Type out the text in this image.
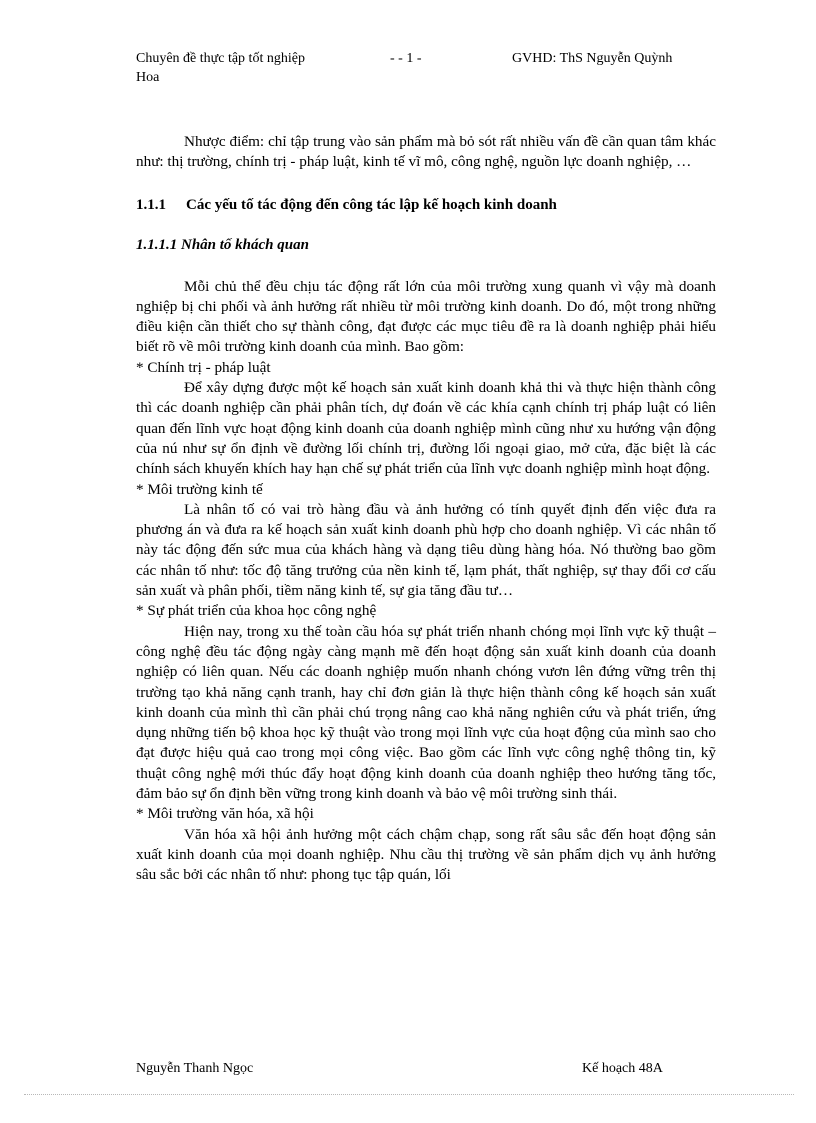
Chuyên đề thực tập tốt nghiệp	- - 1 -	GVHD: ThS Nguyễn Quỳnh
Hoa

Nhược điểm: chỉ tập trung vào sản phẩm mà bỏ sót rất nhiều vấn đề cần quan tâm khác như: thị trường, chính trị - pháp luật, kinh tế vĩ mô, công nghệ, nguồn lực doanh nghiệp, …

1.1.1 Các yếu tố tác động đến công tác lập kế hoạch kinh doanh
1.1.1.1 Nhân tố khách quan

Mỗi chủ thể đều chịu tác động rất lớn của môi trường xung quanh vì vậy mà doanh nghiệp bị chi phối và ảnh hưởng rất nhiều từ môi trường kinh doanh. Do đó, một trong những điều kiện cần thiết cho sự thành công, đạt được các mục tiêu đề ra là doanh nghiệp phải hiểu biết rõ về môi trường kinh doanh của mình. Bao gồm:

* Chính trị - pháp luật

Để xây dựng được một kế hoạch sản xuất kinh doanh khả thi và thực hiện thành công thì các doanh nghiệp cần phải phân tích, dự đoán về các khía cạnh chính trị pháp luật có liên quan đến lĩnh vực hoạt động kinh doanh của doanh nghiệp mình cũng như xu hướng vận động của nú như sự ổn định về đường lối chính trị, đường lối ngoại giao, mở cửa, đặc biệt là các chính sách khuyến khích hay hạn chế sự phát triển của lĩnh vực doanh nghiệp mình hoạt động.

* Môi trường kinh tế

Là nhân tố có vai trò hàng đầu và ảnh hưởng có tính quyết định đến việc đưa ra phương án và đưa ra kế hoạch sản xuất kinh doanh phù hợp cho doanh nghiệp. Vì các nhân tố này tác động đến sức mua của khách hàng và dạng tiêu dùng hàng hóa. Nó thường bao gồm các nhân tố như: tốc độ tăng trưởng của nền kinh tế, lạm phát, thất nghiệp, sự thay đổi cơ cấu sản xuất và phân phối, tiềm năng kinh tế, sự gia tăng đầu tư…

* Sự phát triển của khoa học công nghệ

Hiện nay, trong xu thế toàn cầu hóa sự phát triển nhanh chóng mọi lĩnh vực kỹ thuật – công nghệ đều tác động ngày càng mạnh mẽ đến hoạt động sản xuất kinh doanh của doanh nghiệp có liên quan. Nếu các doanh nghiệp muốn nhanh chóng vươn lên đứng vững trên thị trường tạo khả năng cạnh tranh, hay chỉ đơn giản là thực hiện thành công kế hoạch sản xuất kinh doanh của mình thì cần phải chú trọng nâng cao khả năng nghiên cứu và phát triển, ứng dụng những tiến bộ khoa học kỹ thuật vào trong mọi lĩnh vực của hoạt động của mình sao cho đạt được hiệu quả cao trong mọi công việc. Bao gồm các lĩnh vực công nghệ thông tin, kỹ thuật công nghệ mới thúc đẩy hoạt động kinh doanh của doanh nghiệp theo hướng tăng tốc, đảm bảo sự ổn định bền vững trong kinh doanh và bảo vệ môi trường sinh thái.

* Môi trường văn hóa, xã hội

Văn hóa xã hội ảnh hưởng một cách chậm chạp, song rất sâu sắc đến hoạt động sản xuất kinh doanh của mọi doanh nghiệp. Nhu cầu thị trường về sản phẩm dịch vụ ảnh hưởng sâu sắc bởi các nhân tố như: phong tục tập quán, lối

Nguyễn Thanh Ngọc	Kế hoạch 48A
